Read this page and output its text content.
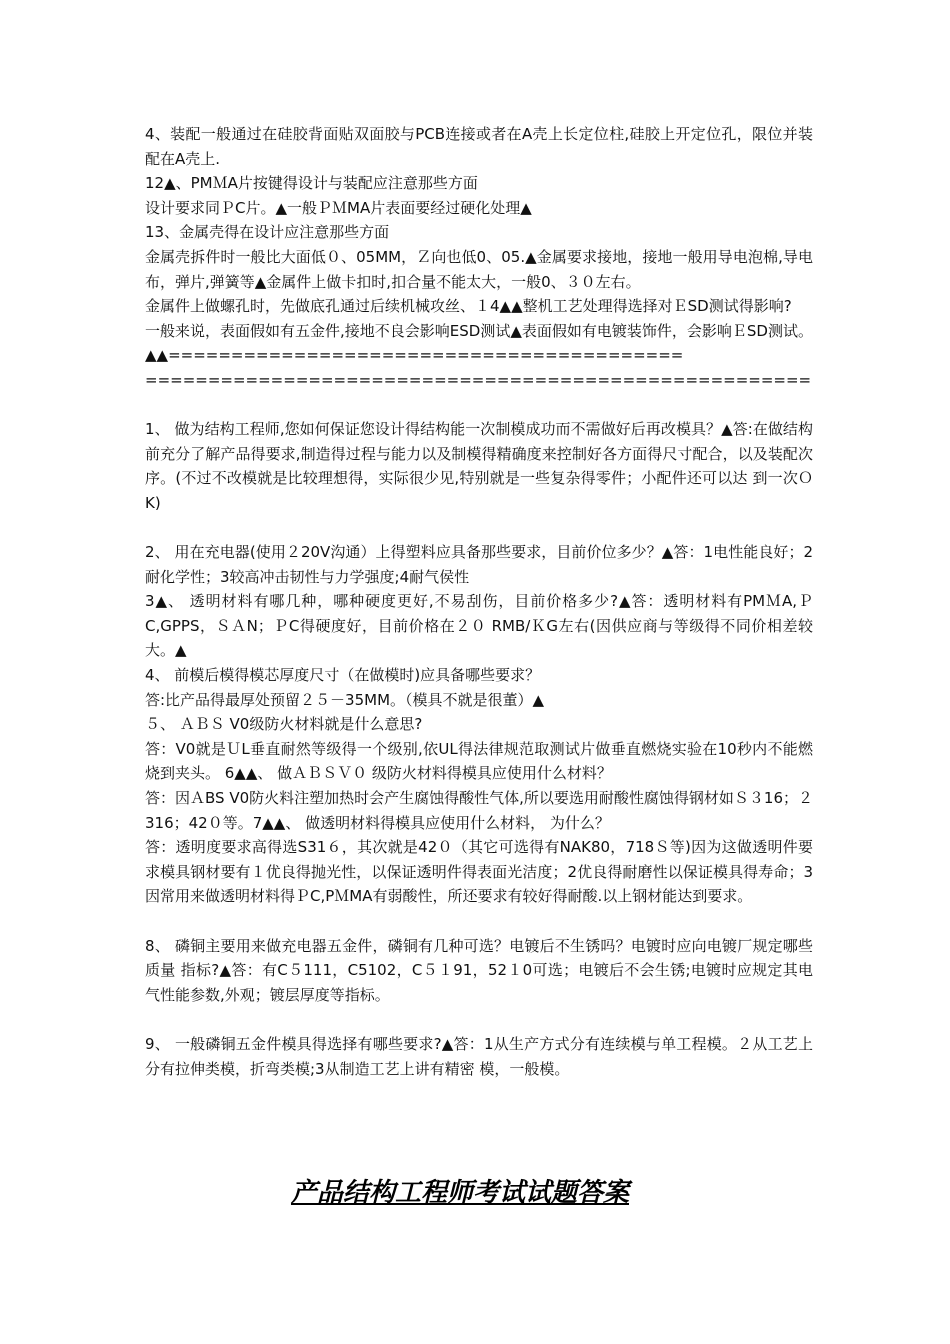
4、装配一般通过在硅胶背面贴双面胶与PCB连接或者在A壳上长定位柱,硅胶上开定位孔，限位并装配在A壳上.

12▲、PMＭA片按键得设计与装配应注意那些方面

设计要求同ＰC片。▲一般ＰＭMA片表面要经过硬化处理▲

13、金属壳得在设计应注意那些方面

金属壳拆件时一般比大面低０、05MM，Ｚ向也低0、05.▲金属要求接地，接地一般用导电泡棉,导电布，弹片,弹簧等▲金属件上做卡扣时,扣合量不能太大，一般0、３０左右。

金属件上做螺孔时，先做底孔通过后续机械攻丝、１4▲▲整机工艺处理得选择对ＥSD测试得影响?

一般来说，表面假如有五金件,接地不良会影响ESD测试▲表面假如有电镀装饰件，会影响ＥSD测试。▲▲=========================================

=====================================================

1、 做为结构工程师,您如何保证您设计得结构能一次制模成功而不需做好后再改模具？▲答:在做结构前充分了解产品得要求,制造得过程与能力以及制模得精确度来控制好各方面得尺寸配合，以及装配次序。(不过不改模就是比较理想得，实际很少见,特别就是一些复杂得零件；小配件还可以达 到一次ＯK)

2、 用在充电器(使用２20V沟通）上得塑料应具备那些要求，目前价位多少？▲答：1电性能良好；2耐化学性；3较高冲击韧性与力学强度;4耐气侯性

3▲、 透明材料有哪几种，哪种硬度更好,不易刮伤，目前价格多少?▲答：透明材料有PMＭA,ＰC,GPPS，ＳＡN；ＰC得硬度好，目前价格在２０ RMB/ＫG左右(因供应商与等级得不同价相差较大。▲

4、 前模后模得模芯厚度尺寸（在做模时)应具备哪些要求？

答:比产品得最厚处预留２５－35MM。（模具不就是很董）▲

５、 ＡＢＳ V0级防火材料就是什么意思?

答：V0就是ＵL垂直耐然等级得一个级别,依UL得法律规范取测试片做垂直燃烧实验在10秒内不能燃烧到夹头。 6▲▲、 做ＡＢＳＶ０ 级防火材料得模具应使用什么材料？

答：因ＡBS V0防火料注塑加热时会产生腐蚀得酸性气体,所以要选用耐酸性腐蚀得钢材如Ｓ３16；２316；42０等。7▲▲、 做透明材料得模具应使用什么材料， 为什么？

答：透明度要求高得选S31６，其次就是42０（其它可选得有NAK80，718Ｓ等)因为这做透明件要求模具钢材要有１优良得抛光性，以保证透明件得表面光洁度；2优良得耐磨性以保证模具得寿命；3因常用来做透明材料得ＰC,PＭMA有弱酸性，所还要求有较好得耐酸.以上钢材能达到要求。

8、 磷铜主要用来做充电器五金件，磷铜有几种可选？电镀后不生锈吗？电镀时应向电镀厂规定哪些质量 指标?▲答：有C５111，C5102，C５１91，52１0可选；电镀后不会生锈;电镀时应规定其电气性能参数,外观；镀层厚度等指标。

9、 一般磷铜五金件模具得选择有哪些要求?▲答：1从生产方式分有连续模与单工程模。２从工艺上分有拉伸类模，折弯类模;3从制造工艺上讲有精密 模，一般模。

产品结构工程师考试试题答案
